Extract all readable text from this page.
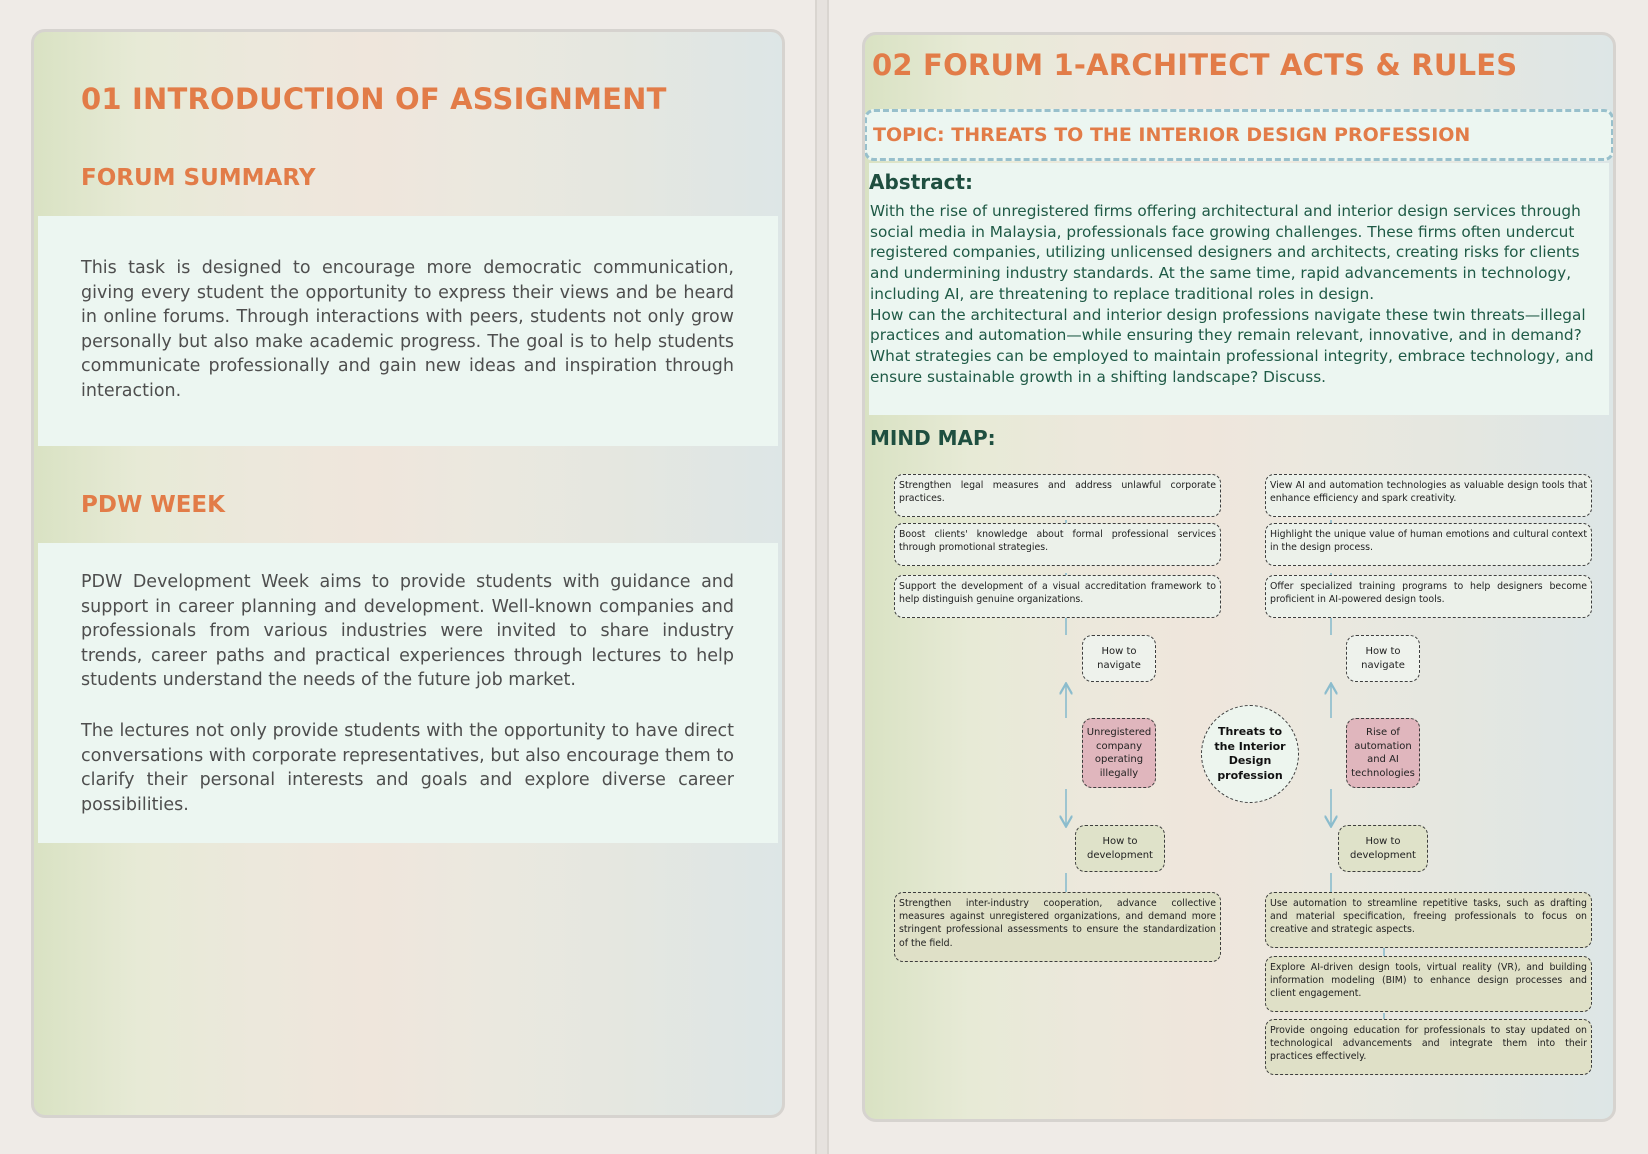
01 INTRODUCTION OF ASSIGNMENT
FORUM SUMMARY
This task is designed to encourage more democratic communication, giving every student the opportunity to express their views and be heard in online forums. Through interactions with peers, students not only grow personally but also make academic progress. The goal is to help students communicate professionally and gain new ideas and inspiration through interaction.
PDW WEEK
PDW Development Week aims to provide students with guidance and support in career planning and development. Well-known companies and professionals from various industries were invited to share industry trends, career paths and practical experiences through lectures to help students understand the needs of the future job market.
The lectures not only provide students with the opportunity to have direct conversations with corporate representatives, but also encourage them to clarify their personal interests and goals and explore diverse career possibilities.
02 FORUM 1-ARCHITECT ACTS & RULES
TOPIC: THREATS TO THE INTERIOR DESIGN PROFESSION
Abstract:

With the rise of unregistered firms offering architectural and interior design services through social media in Malaysia, professionals face growing challenges. These firms often undercut registered companies, utilizing unlicensed designers and architects, creating risks for clients and undermining industry standards. At the same time, rapid advancements in technology, including AI, are threatening to replace traditional roles in design.

How can the architectural and interior design professions navigate these twin threats—illegal practices and automation—while ensuring they remain relevant, innovative, and in demand? What strategies can be employed to maintain professional integrity, embrace technology, and ensure sustainable growth in a shifting landscape? Discuss.

MIND MAP:
Strengthen legal measures and address unlawful corporate practices.
Boost clients' knowledge about formal professional services through promotional strategies.
Support the development of a visual accreditation framework to help distinguish genuine organizations.
View AI and automation technologies as valuable design tools that enhance efficiency and spark creativity.
Highlight the unique value of human emotions and cultural context in the design process.
Offer specialized training programs to help designers become proficient in AI-powered design tools.
How to navigate
How to navigate
Unregistered company operating illegally
Rise of automation and AI technologies
Threats to the Interior Design profession
How to development
How to development
Strengthen inter-industry cooperation, advance collective measures against unregistered organizations, and demand more stringent professional assessments to ensure the standardization of the field.
Use automation to streamline repetitive tasks, such as drafting and material specification, freeing professionals to focus on creative and strategic aspects.
Explore AI-driven design tools, virtual reality (VR), and building information modeling (BIM) to enhance design processes and client engagement.
Provide ongoing education for professionals to stay updated on technological advancements and integrate them into their practices effectively.
